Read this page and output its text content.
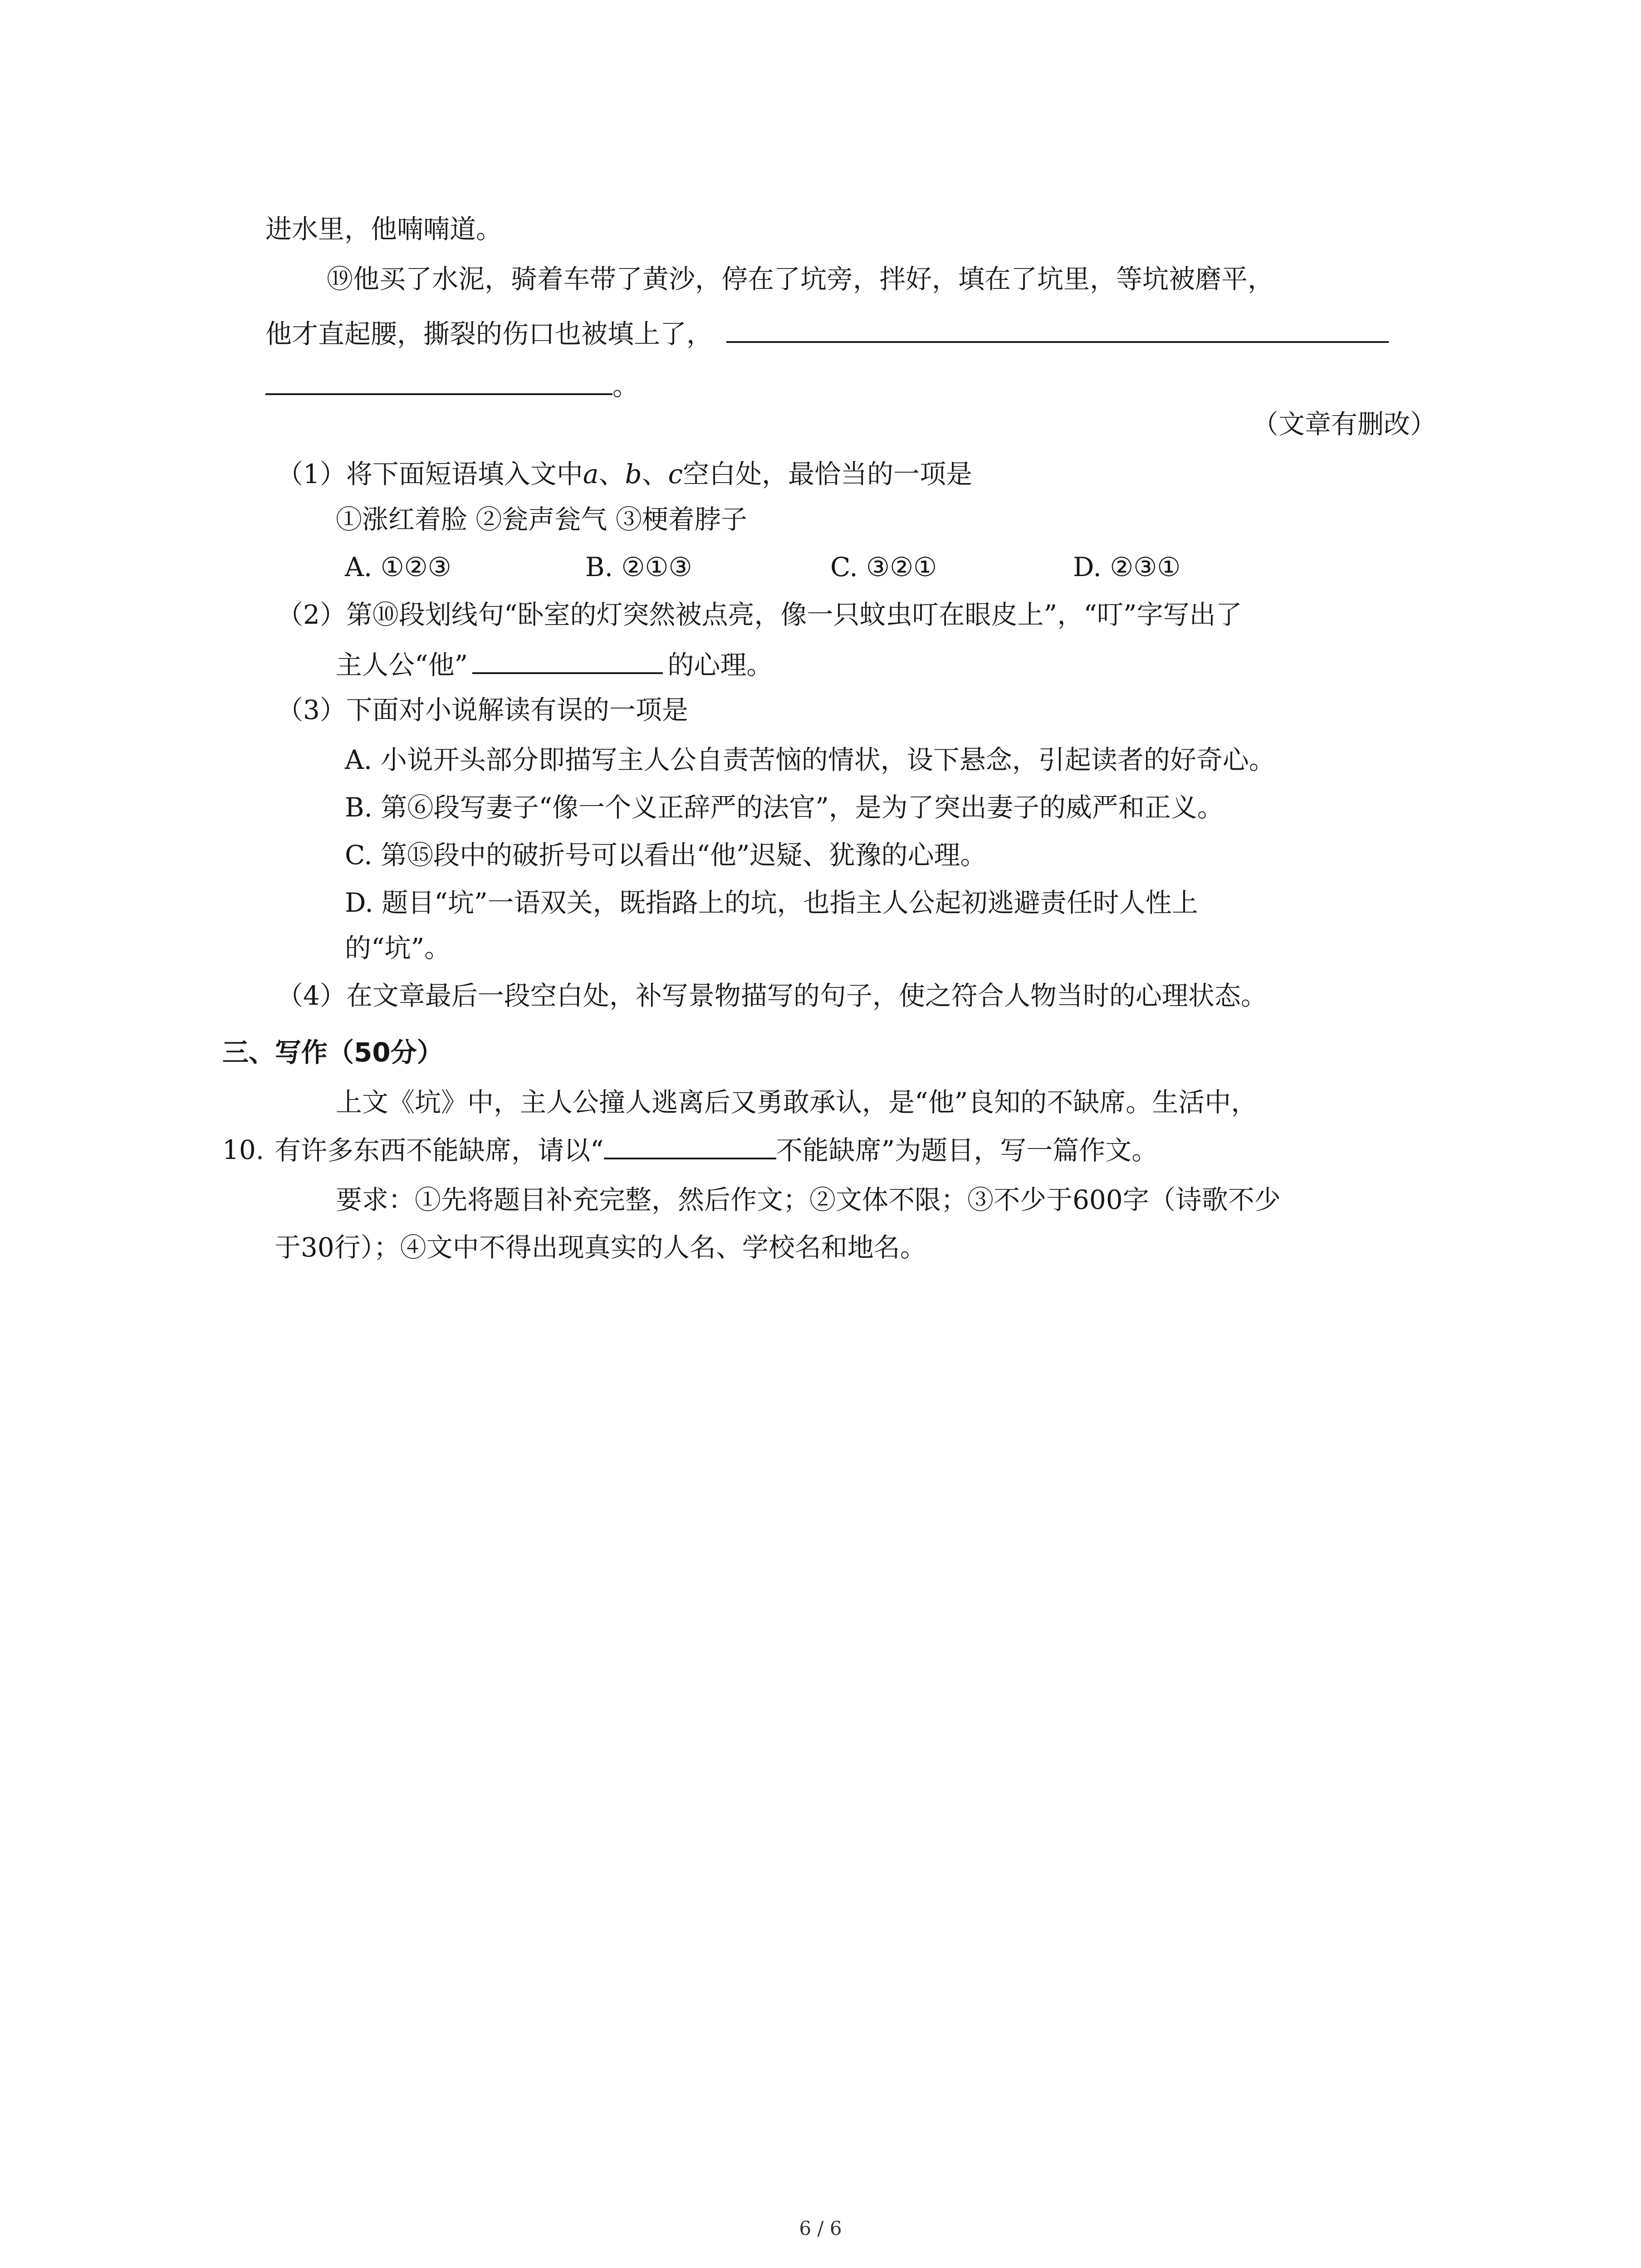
进水里，他喃喃道。
⑲他买了水泥，骑着车带了黄沙，停在了坑旁，拌好，填在了坑里，等坑被磨平，
他才直起腰，撕裂的伤口也被填上了，
。
（文章有删改）
（1）将下面短语填入文中a、b、c空白处，最恰当的一项是
①涨红着脸 ②瓮声瓮气 ③梗着脖子
A. ①②③	B. ②①③	C. ③②①	D. ②③①
（2）第⑩段划线句“卧室的灯突然被点亮，像一只蚊虫叮在眼皮上”，“叮”字写出了
主人公“他”	的心理。
（3）下面对小说解读有误的一项是
A. 小说开头部分即描写主人公自责苦恼的情状，设下悬念，引起读者的好奇心。
B. 第⑥段写妻子“像一个义正辞严的法官”，是为了突出妻子的威严和正义。
C. 第⑮段中的破折号可以看出“他”迟疑、犹豫的心理。
D. 题目“坑”一语双关，既指路上的坑，也指主人公起初逃避责任时人性上
的“坑”。
（4）在文章最后一段空白处，补写景物描写的句子，使之符合人物当时的心理状态。
三、写作（50分）
上文《坑》中，主人公撞人逃离后又勇敢承认，是“他”良知的不缺席。生活中，
10. 有许多东西不能缺席，请以“	不能缺席”为题目，写一篇作文。
要求：①先将题目补充完整，然后作文；②文体不限；③不少于600字（诗歌不少
于30行）；④文中不得出现真实的人名、学校名和地名。
6 / 6
